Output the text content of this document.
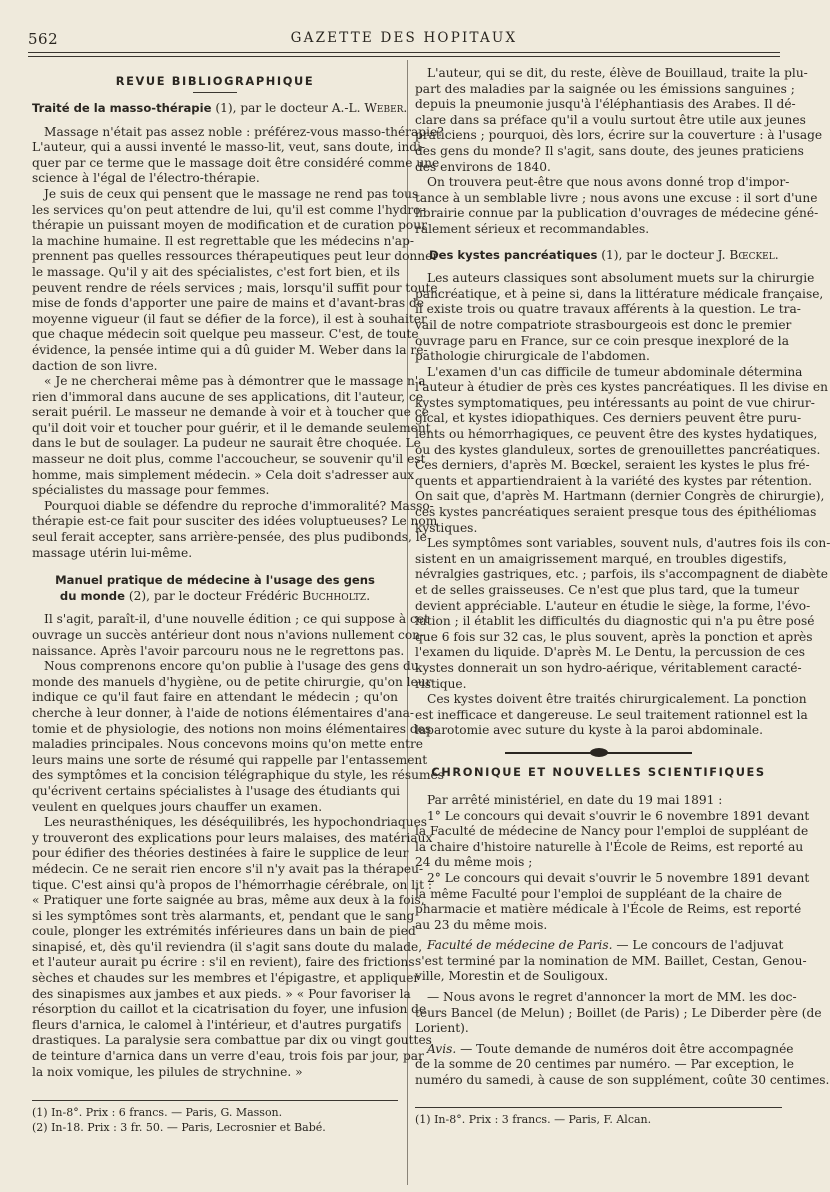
562	GAZETTE DES HOPITAUX
REVUE BIBLIOGRAPHIQUE
Traité de la masso-thérapie (1), par le docteur A.-L. Weber.
Massage n'était pas assez noble : préférez-vous masso-thérapie?
L'auteur, qui a aussi inventé le masso-lit, veut, sans doute, indi-
quer par ce terme que le massage doit être considéré comme une
science à l'égal de l'électro-thérapie.
Je suis de ceux qui pensent que le massage ne rend pas tous
les services qu'on peut attendre de lui, qu'il est comme l'hydro-
thérapie un puissant moyen de modification et de curation pour
la machine humaine. Il est regrettable que les médecins n'ap-
prennent pas quelles ressources thérapeutiques peut leur donner
le massage. Qu'il y ait des spécialistes, c'est fort bien, et ils
peuvent rendre de réels services ; mais, lorsqu'il suffit pour toute
mise de fonds d'apporter une paire de mains et d'avant-bras de
moyenne vigueur (il faut se défier de la force), il est à souhaiter
que chaque médecin soit quelque peu masseur. C'est, de toute
évidence, la pensée intime qui a dû guider M. Weber dans la ré-
daction de son livre.
« Je ne chercherai même pas à démontrer que le massage n'a
rien d'immoral dans aucune de ses applications, dit l'auteur, ce
serait puéril. Le masseur ne demande à voir et à toucher que ce
qu'il doit voir et toucher pour guérir, et il le demande seulement
dans le but de soulager. La pudeur ne saurait être choquée. Le
masseur ne doit plus, comme l'accoucheur, se souvenir qu'il est
homme, mais simplement médecin. » Cela doit s'adresser aux
spécialistes du massage pour femmes.
Pourquoi diable se défendre du reproche d'immoralité? Masso-
thérapie est-ce fait pour susciter des idées voluptueuses? Le nom
seul ferait accepter, sans arrière-pensée, des plus pudibonds, le
massage utérin lui-même.
Manuel pratique de médecine à l'usage des gens
du monde (2), par le docteur Frédéric Buchholtz.
Il s'agit, paraît-il, d'une nouvelle édition ; ce qui suppose à cet
ouvrage un succès antérieur dont nous n'avions nullement con-
naissance. Après l'avoir parcouru nous ne le regrettons pas.
Nous comprenons encore qu'on publie à l'usage des gens du
monde des manuels d'hygiène, ou de petite chirurgie, qu'on leur
indique ce qu'il faut faire en attendant le médecin ; qu'on
cherche à leur donner, à l'aide de notions élémentaires d'ana-
tomie et de physiologie, des notions non moins élémentaires des
maladies principales. Nous concevons moins qu'on mette entre
leurs mains une sorte de résumé qui rappelle par l'entassement
des symptômes et la concision télégraphique du style, les résumés
qu'écrivent certains spécialistes à l'usage des étudiants qui
veulent en quelques jours chauffer un examen.
Les neurasthéniques, les déséquilibrés, les hypochondriaques
y trouveront des explications pour leurs malaises, des matériaux
pour édifier des théories destinées à faire le supplice de leur
médecin. Ce ne serait rien encore s'il n'y avait pas la thérapeu-
tique. C'est ainsi qu'à propos de l'hémorrhagie cérébrale, on lit :
« Pratiquer une forte saignée au bras, même aux deux à la fois,
si les symptômes sont très alarmants, et, pendant que le sang
coule, plonger les extrémités inférieures dans un bain de pied
sinapisé, et, dès qu'il reviendra (il s'agit sans doute du malade,
et l'auteur aurait pu écrire : s'il en revient), faire des frictions
sèches et chaudes sur les membres et l'épigastre, et appliquer
des sinapismes aux jambes et aux pieds. » « Pour favoriser la
résorption du caillot et la cicatrisation du foyer, une infusion de
fleurs d'arnica, le calomel à l'intérieur, et d'autres purgatifs
drastiques. La paralysie sera combattue par dix ou vingt gouttes
de teinture d'arnica dans un verre d'eau, trois fois par jour, par
la noix vomique, les pilules de strychnine. »
(1) In-8°. Prix : 6 francs. — Paris, G. Masson.
(2) In-18. Prix : 3 fr. 50. — Paris, Lecrosnier et Babé.
L'auteur, qui se dit, du reste, élève de Bouillaud, traite la plu-
part des maladies par la saignée ou les émissions sanguines ;
depuis la pneumonie jusqu'à l'éléphantiasis des Arabes. Il dé-
clare dans sa préface qu'il a voulu surtout être utile aux jeunes
praticiens ; pourquoi, dès lors, écrire sur la couverture : à l'usage
des gens du monde? Il s'agit, sans doute, des jeunes praticiens
des environs de 1840.
On trouvera peut-être que nous avons donné trop d'impor-
tance à un semblable livre ; nous avons une excuse : il sort d'une
librairie connue par la publication d'ouvrages de médecine géné-
ralement sérieux et recommandables.
Des kystes pancréatiques (1), par le docteur J. Bœckel.
Les auteurs classiques sont absolument muets sur la chirurgie
pancréatique, et à peine si, dans la littérature médicale française,
il existe trois ou quatre travaux afférents à la question. Le tra-
vail de notre compatriote strasbourgeois est donc le premier
ouvrage paru en France, sur ce coin presque inexploré de la
pathologie chirurgicale de l'abdomen.
L'examen d'un cas difficile de tumeur abdominale détermina
l'auteur à étudier de près ces kystes pancréatiques. Il les divise en
kystes symptomatiques, peu intéressants au point de vue chirur-
gical, et kystes idiopathiques. Ces derniers peuvent être puru-
lents ou hémorrhagiques, ce peuvent être des kystes hydatiques,
ou des kystes glanduleux, sortes de grenouillettes pancréatiques.
Ces derniers, d'après M. Bœckel, seraient les kystes le plus fré-
quents et appartiendraient à la variété des kystes par rétention.
On sait que, d'après M. Hartmann (dernier Congrès de chirurgie),
ces kystes pancréatiques seraient presque tous des épithéliomas
kystiques.
Les symptômes sont variables, souvent nuls, d'autres fois ils con-
sistent en un amaigrissement marqué, en troubles digestifs,
névralgies gastriques, etc. ; parfois, ils s'accompagnent de diabète
et de selles graisseuses. Ce n'est que plus tard, que la tumeur
devient appréciable. L'auteur en étudie le siège, la forme, l'évo-
lution ; il établit les difficultés du diagnostic qui n'a pu être posé
que 6 fois sur 32 cas, le plus souvent, après la ponction et après
l'examen du liquide. D'après M. Le Dentu, la percussion de ces
kystes donnerait un son hydro-aérique, véritablement caracté-
ristique.
Ces kystes doivent être traités chirurgicalement. La ponction
est inefficace et dangereuse. Le seul traitement rationnel est la
laparotomie avec suture du kyste à la paroi abdominale.
CHRONIQUE ET NOUVELLES SCIENTIFIQUES
Par arrêté ministériel, en date du 19 mai 1891 :
1° Le concours qui devait s'ouvrir le 6 novembre 1891 devant
la Faculté de médecine de Nancy pour l'emploi de suppléant de
la chaire d'histoire naturelle à l'École de Reims, est reporté au
24 du même mois ;
2° Le concours qui devait s'ouvrir le 5 novembre 1891 devant
la même Faculté pour l'emploi de suppléant de la chaire de
pharmacie et matière médicale à l'École de Reims, est reporté
au 23 du même mois.
Faculté de médecine de Paris. — Le concours de l'adjuvat
s'est terminé par la nomination de MM. Baillet, Cestan, Genou-
ville, Morestin et de Souligoux.
— Nous avons le regret d'annoncer la mort de MM. les doc-
teurs Bancel (de Melun) ; Boillet (de Paris) ; Le Diberder père (de
Lorient).
Avis. — Toute demande de numéros doit être accompagnée
de la somme de 20 centimes par numéro. — Par exception, le
numéro du samedi, à cause de son supplément, coûte 30 centimes.
(1) In-8°. Prix : 3 francs. — Paris, F. Alcan.
